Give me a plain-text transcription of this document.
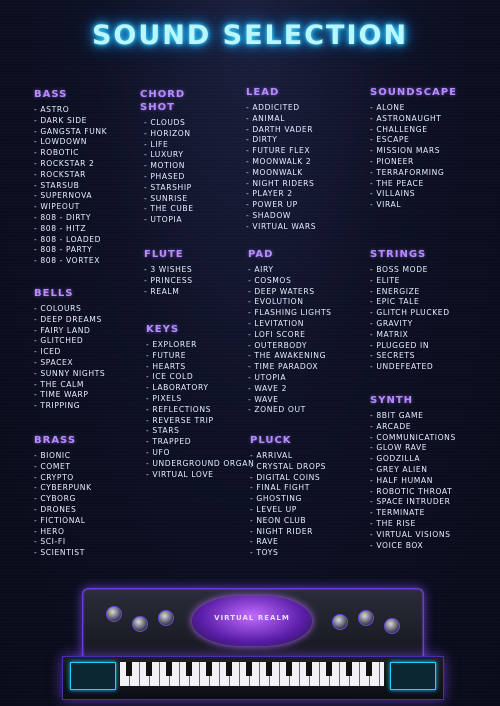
SOUND SELECTION
BASS
- ASTRO
- DARK SIDE
- GANGSTA FUNK
- LOWDOWN
- ROBOTIC
- ROCKSTAR 2
- ROCKSTAR
- STARSUB
- SUPERNOVA
- WIPEOUT
- 808 - DIRTY
- 808 - HITZ
- 808 - LOADED
- 808 - PARTY
- 808 - VORTEX
BELLS
- COLOURS
- DEEP DREAMS
- FAIRY LAND
- GLITCHED
- ICED
- SPACEX
- SUNNY NIGHTS
- THE CALM
- TIME WARP
- TRIPPING
BRASS
- BIONIC
- COMET
- CRYPTO
- CYBERPUNK
- CYBORG
- DRONES
- FICTIONAL
- HERO
- SCI-FI
- SCIENTIST
CHORD
SHOT
- CLOUDS
- HORIZON
- LIFE
- LUXURY
- MOTION
- PHASED
- STARSHIP
- SUNRISE
- THE CUBE
- UTOPIA
FLUTE
- 3 WISHES
- PRINCESS
- REALM
KEYS
- EXPLORER
- FUTURE
- HEARTS
- ICE COLD
- LABORATORY
- PIXELS
- REFLECTIONS
- REVERSE TRIP
- STARS
- TRAPPED
- UFO
- UNDERGROUND ORGAN
- VIRTUAL LOVE
LEAD
- ADDICITED
- ANIMAL
- DARTH VADER
- DIRTY
- FUTURE FLEX
- MOONWALK 2
- MOONWALK
- NIGHT RIDERS
- PLAYER 2
- POWER UP
- SHADOW
- VIRTUAL WARS
PAD
- AIRY
- COSMOS
- DEEP WATERS
- EVOLUTION
- FLASHING LIGHTS
- LEVITATION
- LOFI SCORE
- OUTERBODY
- THE AWAKENING
- TIME PARADOX
- UTOPIA
- WAVE 2
- WAVE
- ZONED OUT
PLUCK
- ARRIVAL
- CRYSTAL DROPS
- DIGITAL COINS
- FINAL FIGHT
- GHOSTING
- LEVEL UP
- NEON CLUB
- NIGHT RIDER
- RAVE
- TOYS
SOUNDSCAPE
- ALONE
- ASTRONAUGHT
- CHALLENGE
- ESCAPE
- MISSION MARS
- PIONEER
- TERRAFORMING
- THE PEACE
- VILLAINS
- VIRAL
STRINGS
- BOSS MODE
- ELITE
- ENERGIZE
- EPIC TALE
- GLITCH PLUCKED
- GRAVITY
- MATRIX
- PLUGGED IN
- SECRETS
- UNDEFEATED
SYNTH
- 8BIT GAME
- ARCADE
- COMMUNICATIONS
- GLOW RAVE
- GODZILLA
- GREY ALIEN
- HALF HUMAN
- ROBOTIC THROAT
- SPACE INTRUDER
- TERMINATE
- THE RISE
- VIRTUAL VISIONS
- VOICE BOX
VIRTUAL REALM
